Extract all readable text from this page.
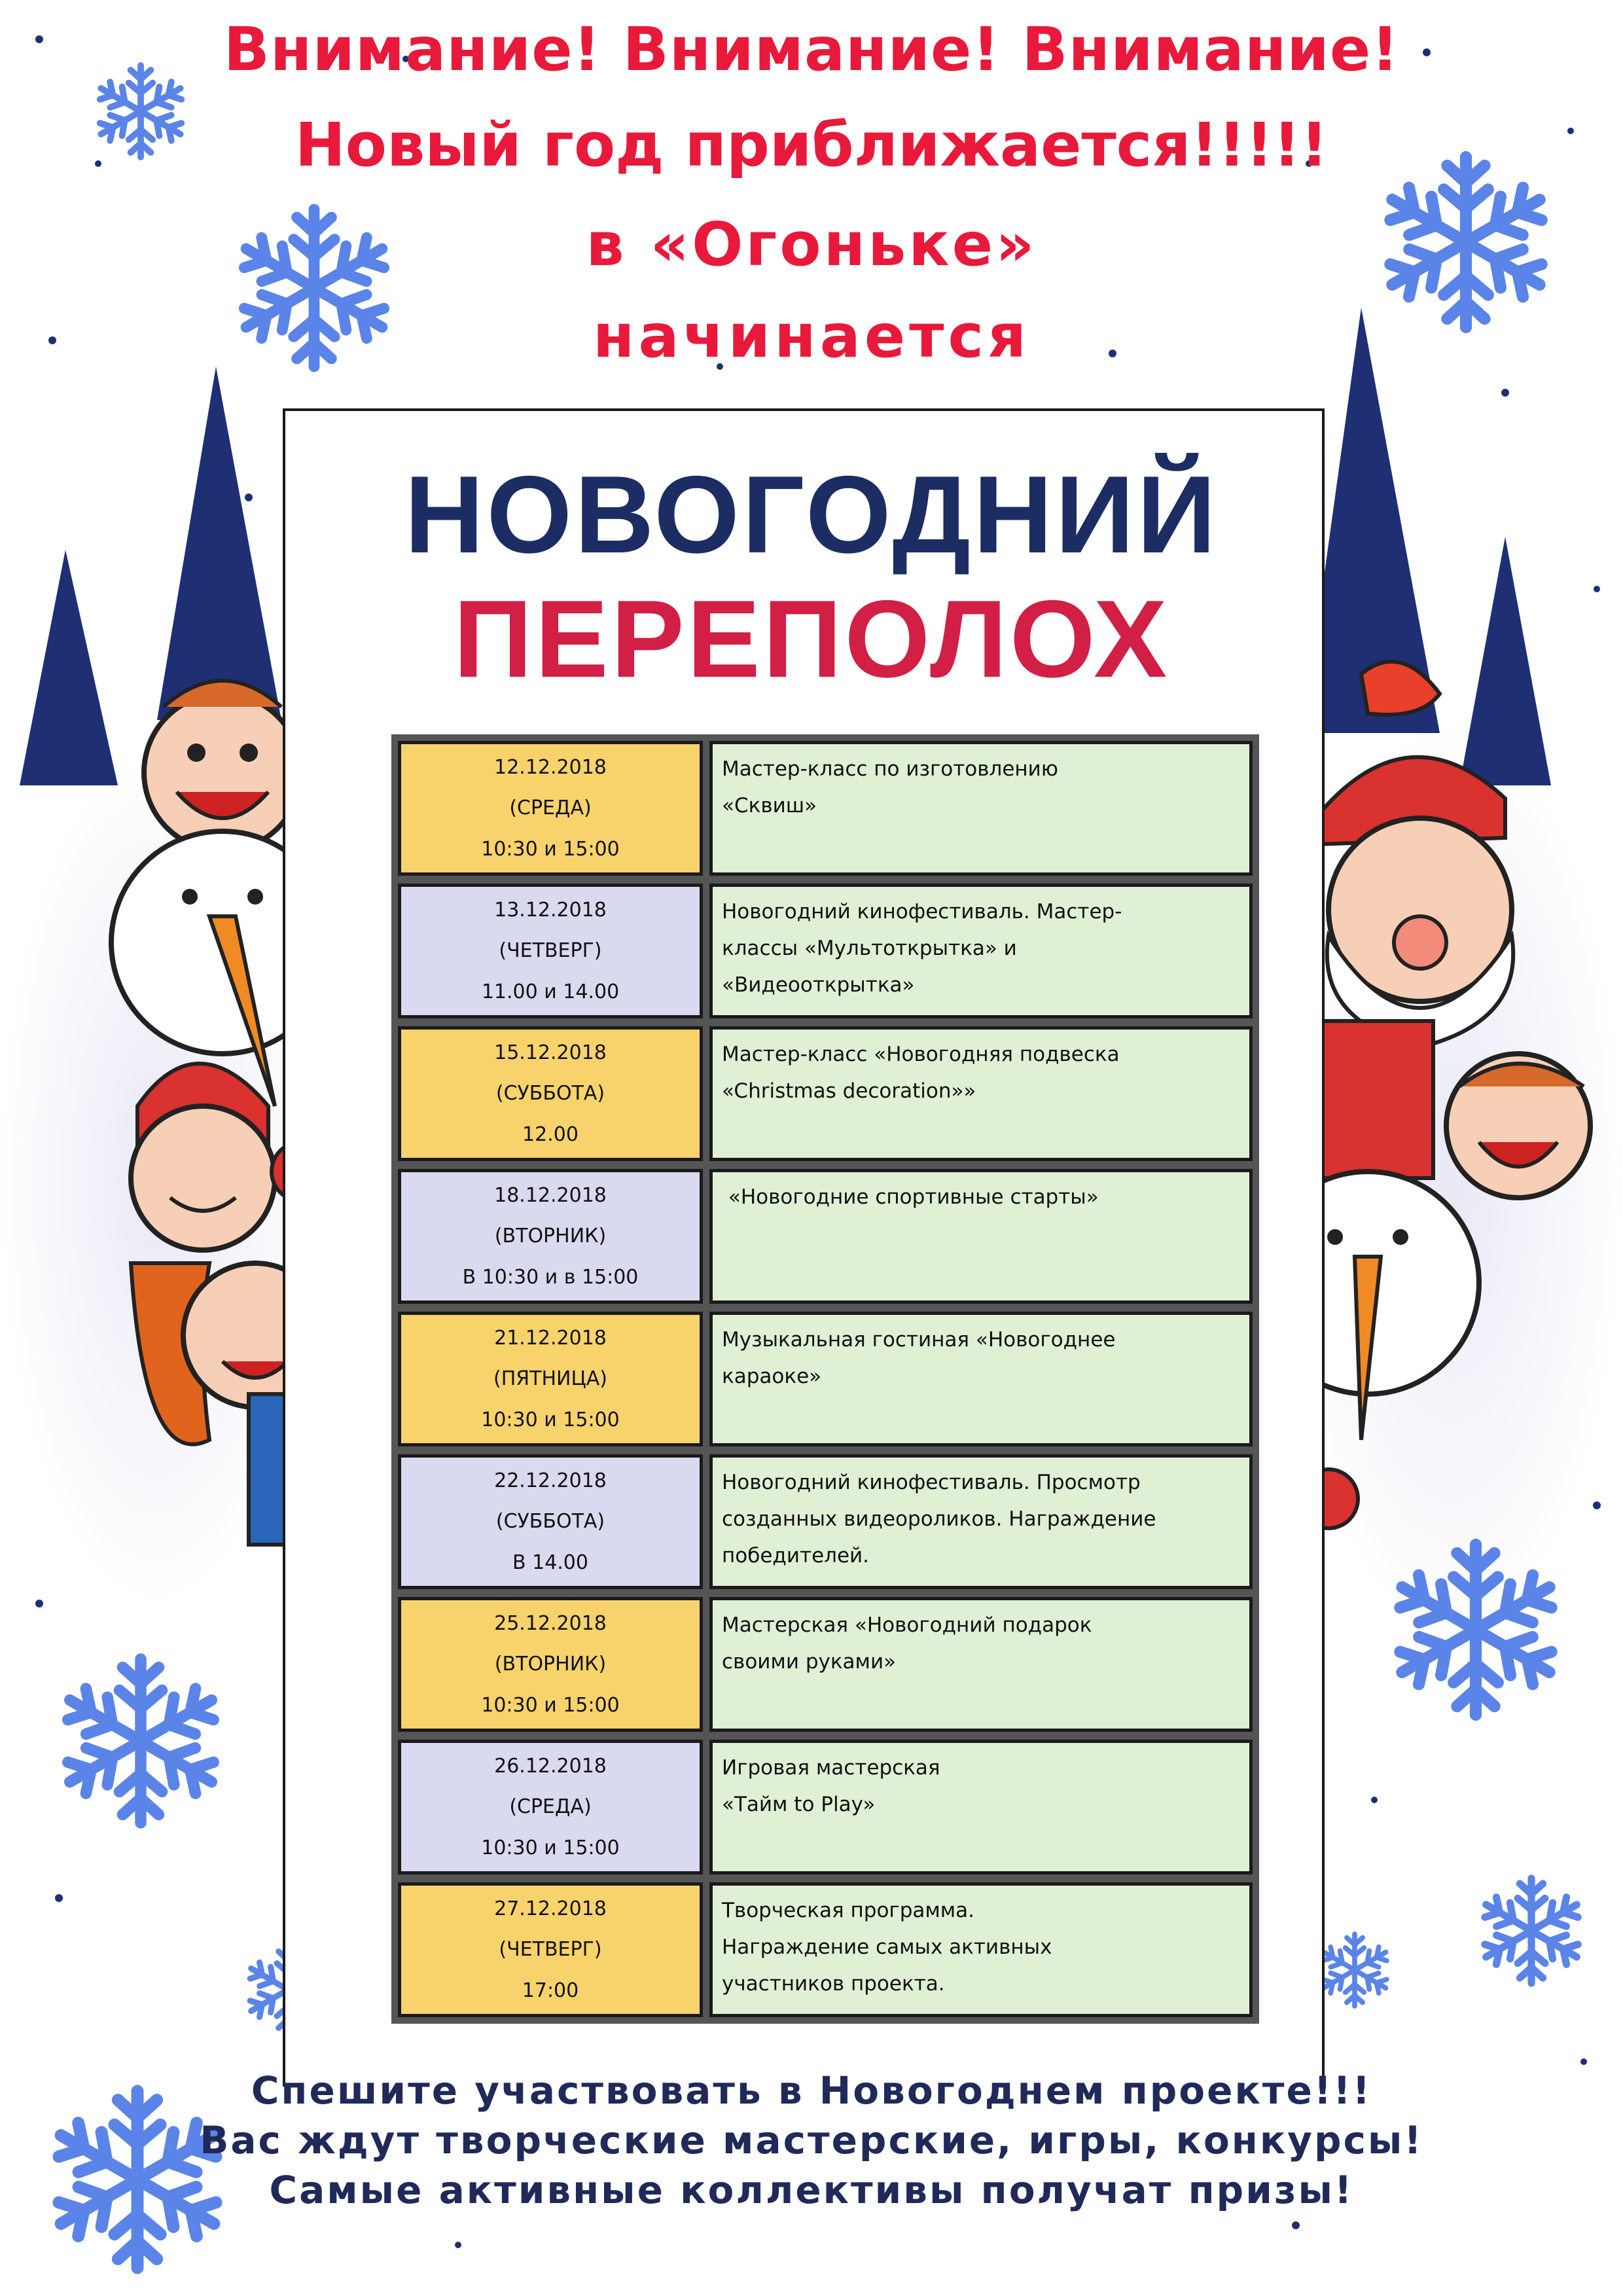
Внимание! Внимание! Внимание!
Новый год приближается!!!!!
в «Огоньке»
начинается
НОВОГОДНИЙ
ПЕРЕПОЛОХ
12.12.2018
(СРЕДА)
10:30 и 15:00
Мастер-класс по изготовлению
«Сквиш»
13.12.2018
(ЧЕТВЕРГ)
11.00 и 14.00
Новогодний кинофестиваль. Мастер-
классы «Мультоткрытка» и
«Видеооткрытка»
15.12.2018
(СУББОТА)
12.00
Мастер-класс «Новогодняя подвеска
«Christmas decoration»»
18.12.2018
(ВТОРНИК)
В 10:30 и в 15:00
«Новогодние спортивные старты»
21.12.2018
(ПЯТНИЦА)
10:30 и 15:00
Музыкальная гостиная «Новогоднее
караоке»
22.12.2018
(СУББОТА)
В 14.00
Новогодний кинофестиваль. Просмотр
созданных видеороликов. Награждение
победителей.
25.12.2018
(ВТОРНИК)
10:30 и 15:00
Мастерская «Новогодний подарок
своими руками»
26.12.2018
(СРЕДА)
10:30 и 15:00
Игровая мастерская
«Тайм to Play»
27.12.2018
(ЧЕТВЕРГ)
17:00
Творческая программа.
Награждение самых активных
участников проекта.
Спешите участвовать в Новогоднем проекте!!!
Вас ждут творческие мастерские, игры, конкурсы!
Самые активные коллективы получат призы!
